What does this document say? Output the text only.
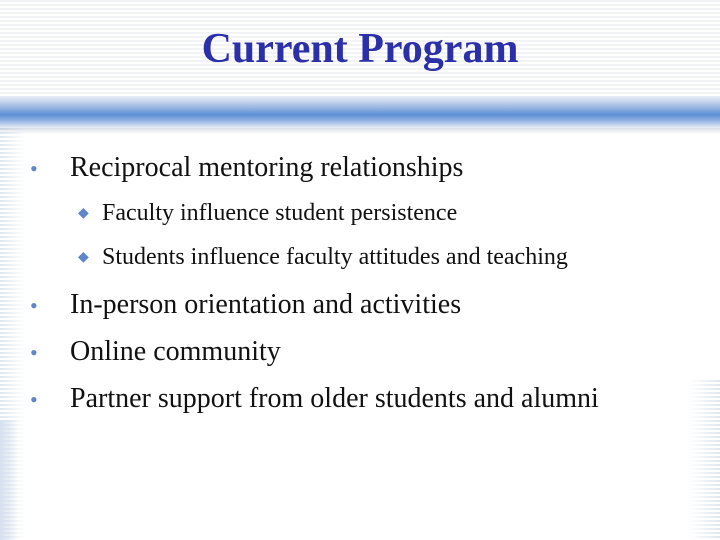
Current Program
•	Reciprocal mentoring relationships
◆ Faculty influence student persistence
◆ Students influence faculty attitudes and teaching
•	In-person orientation and activities
•	Online community
•	Partner support from older students and alumni
